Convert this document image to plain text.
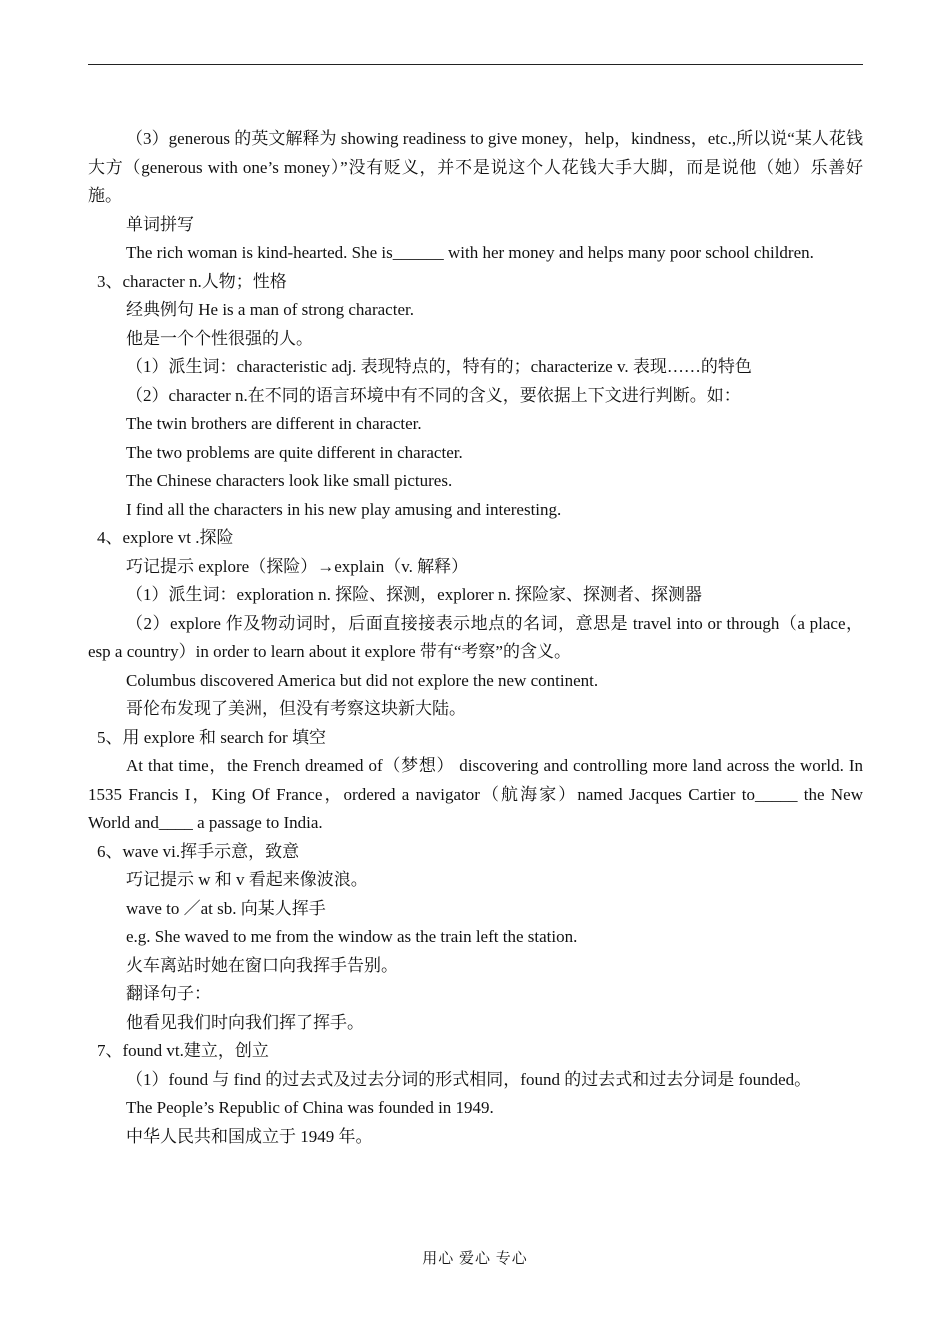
（3）generous 的英文解释为 showing readiness to give money，help，kindness，etc.,所以说“某人花钱大方（generous with one’s money）”没有贬义，并不是说这个人花钱大手大脚，而是说他（她）乐善好施。

单词拼写

The rich woman is kind-hearted. She is______ with her money and helps many poor school children.

3、character n.人物；性格

经典例句 He is a man of strong character.

他是一个个性很强的人。

（1）派生词：characteristic adj. 表现特点的，特有的；characterize v. 表现……的特色

（2）character n.在不同的语言环境中有不同的含义，要依据上下文进行判断。如：

The twin brothers are different in character.

The two problems are quite different in character.

The Chinese characters look like small pictures.

I find all the characters in his new play amusing and interesting.

4、explore vt .探险

巧记提示 explore（探险）→explain（v. 解释）

（1）派生词：exploration n. 探险、探测，explorer n. 探险家、探测者、探测器

（2）explore 作及物动词时，后面直接接表示地点的名词，意思是 travel into or through（a place，esp a country）in order to learn about it explore 带有“考察”的含义。

Columbus discovered America but did not explore the new continent.

哥伦布发现了美洲，但没有考察这块新大陆。

5、用 explore 和 search for 填空

At that time，the French dreamed of（梦想） discovering and controlling more land across the world. In 1535 Francis I，King Of France，ordered a navigator（航海家）named Jacques Cartier to_____ the New World and____ a passage to India.

6、wave vi.挥手示意，致意

巧记提示 w 和 v 看起来像波浪。

wave to ／at sb. 向某人挥手

e.g. She waved to me from the window as the train left the station.

火车离站时她在窗口向我挥手告别。

翻译句子：

他看见我们时向我们挥了挥手。

7、found vt.建立，创立

（1）found 与 find 的过去式及过去分词的形式相同，found 的过去式和过去分词是 founded。

The People’s Republic of China was founded in 1949.

中华人民共和国成立于 1949 年。

用心 爱心 专心
